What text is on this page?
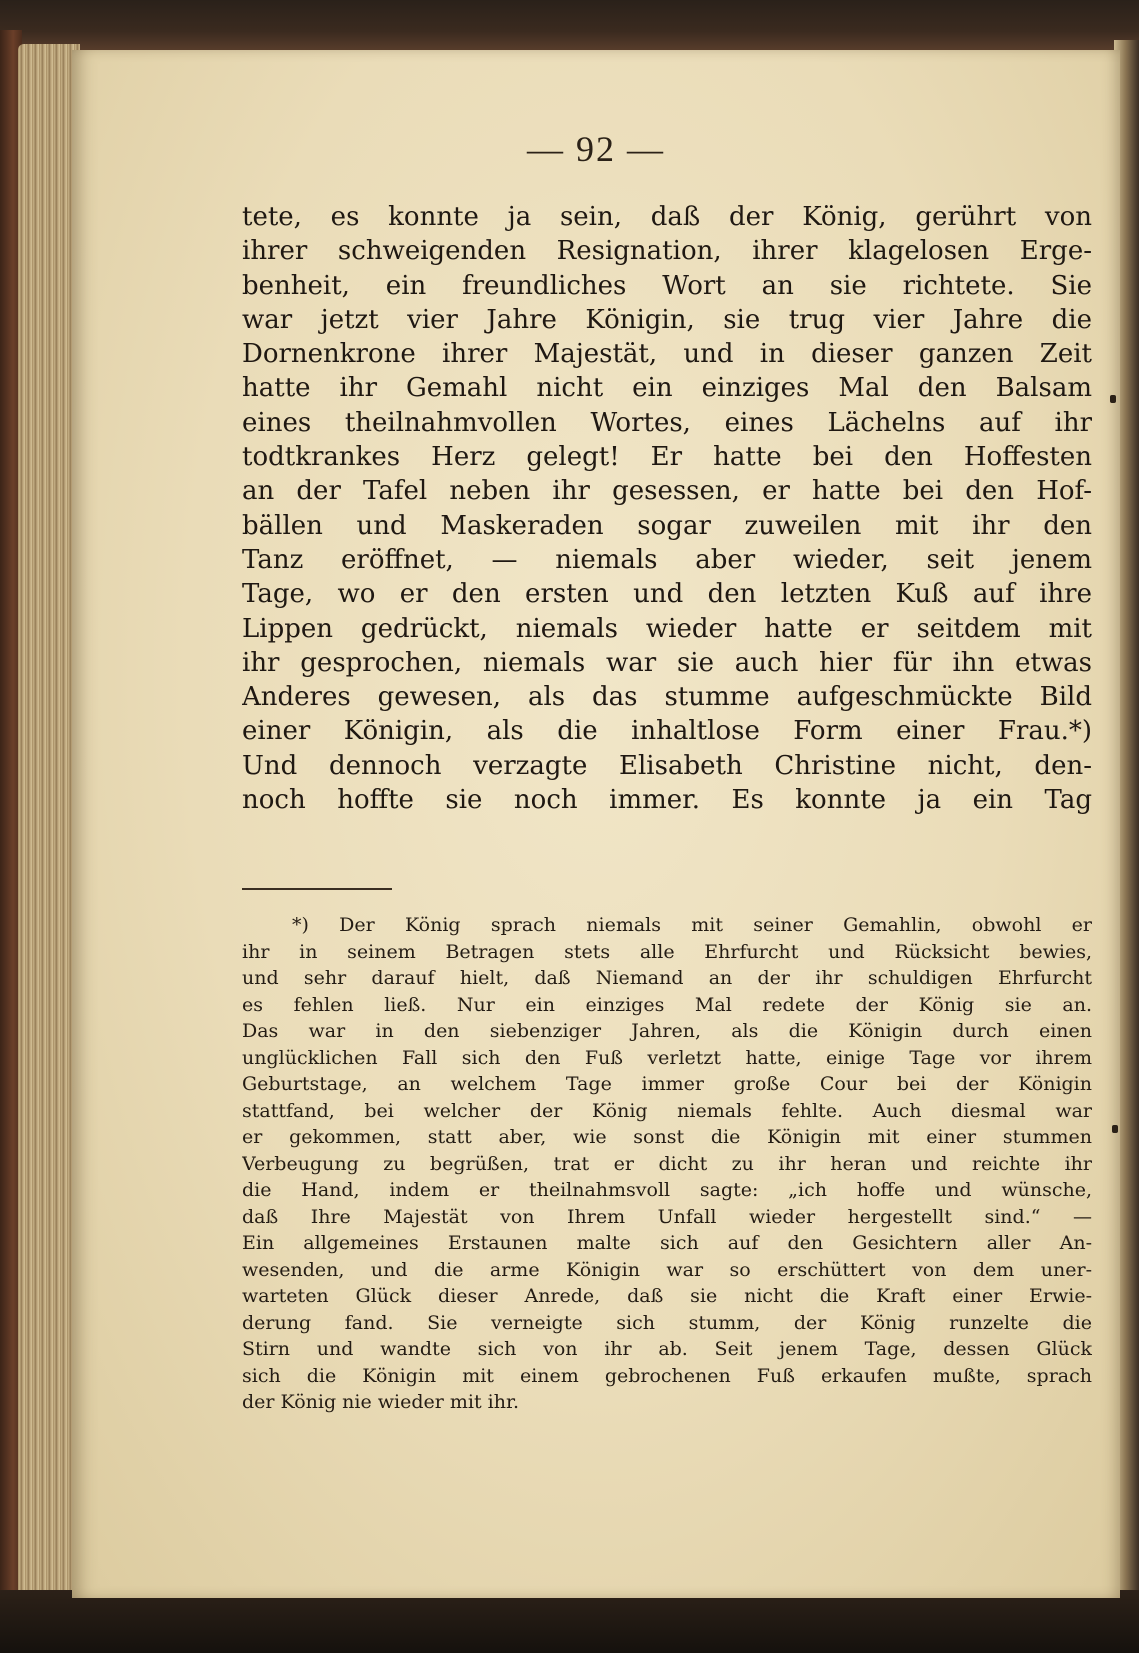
— 92 —
tete, es konnte ja sein, daß der König, gerührt von
ihrer schweigenden Resignation, ihrer klagelosen Erge-
benheit, ein freundliches Wort an sie richtete. Sie
war jetzt vier Jahre Königin, sie trug vier Jahre die
Dornenkrone ihrer Majestät, und in dieser ganzen Zeit
hatte ihr Gemahl nicht ein einziges Mal den Balsam
eines theilnahmvollen Wortes, eines Lächelns auf ihr
todtkrankes Herz gelegt! Er hatte bei den Hoffesten
an der Tafel neben ihr gesessen, er hatte bei den Hof-
bällen und Maskeraden sogar zuweilen mit ihr den
Tanz eröffnet, — niemals aber wieder, seit jenem
Tage, wo er den ersten und den letzten Kuß auf ihre
Lippen gedrückt, niemals wieder hatte er seitdem mit
ihr gesprochen, niemals war sie auch hier für ihn etwas
Anderes gewesen, als das stumme aufgeschmückte Bild
einer Königin, als die inhaltlose Form einer Frau.*)
Und dennoch verzagte Elisabeth Christine nicht, den-
noch hoffte sie noch immer. Es konnte ja ein Tag
*) Der König sprach niemals mit seiner Gemahlin, obwohl er
ihr in seinem Betragen stets alle Ehrfurcht und Rücksicht bewies,
und sehr darauf hielt, daß Niemand an der ihr schuldigen Ehrfurcht
es fehlen ließ. Nur ein einziges Mal redete der König sie an.
Das war in den siebenziger Jahren, als die Königin durch einen
unglücklichen Fall sich den Fuß verletzt hatte, einige Tage vor ihrem
Geburtstage, an welchem Tage immer große Cour bei der Königin
stattfand, bei welcher der König niemals fehlte. Auch diesmal war
er gekommen, statt aber, wie sonst die Königin mit einer stummen
Verbeugung zu begrüßen, trat er dicht zu ihr heran und reichte ihr
die Hand, indem er theilnahmsvoll sagte: „ich hoffe und wünsche,
daß Ihre Majestät von Ihrem Unfall wieder hergestellt sind.“ —
Ein allgemeines Erstaunen malte sich auf den Gesichtern aller An-
wesenden, und die arme Königin war so erschüttert von dem uner-
warteten Glück dieser Anrede, daß sie nicht die Kraft einer Erwie-
derung fand. Sie verneigte sich stumm, der König runzelte die
Stirn und wandte sich von ihr ab. Seit jenem Tage, dessen Glück
sich die Königin mit einem gebrochenen Fuß erkaufen mußte, sprach
der König nie wieder mit ihr.
